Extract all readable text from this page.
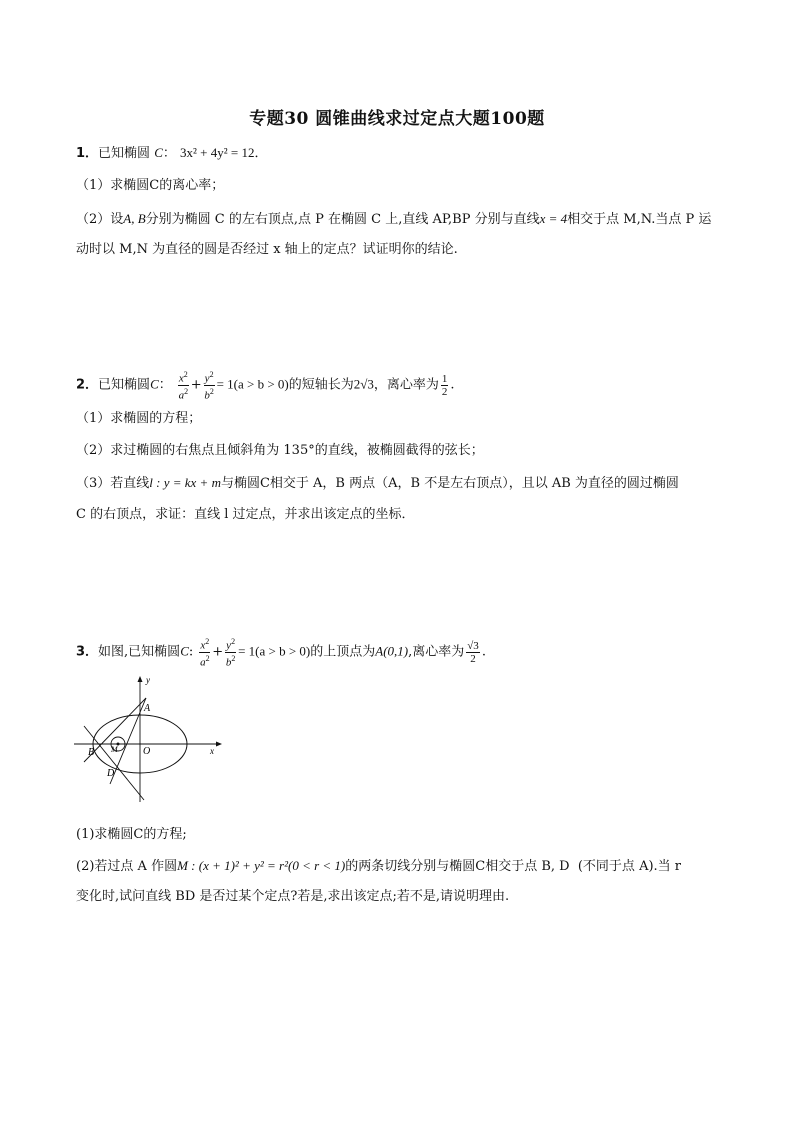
专题30 圆锥曲线求过定点大题100题
1．已知椭圆 C： 3x² + 4y² = 12．
（1）求椭圆C的离心率；
（2）设A, B分别为椭圆 C 的左右顶点,点 P 在椭圆 C 上,直线 AP,BP 分别与直线x = 4相交于点 M,N.当点 P 运
动时以 M,N 为直径的圆是否经过 x 轴上的定点？试证明你的结论.
2．已知椭圆C： $\frac{x^2}{a^2} + \frac{y^2}{b^2} = 1(a > b > 0)$的短轴长为2√3，离心率为 $\frac{1}{2}$ .
（1）求椭圆的方程；
（2）求过椭圆的右焦点且倾斜角为 135°的直线，被椭圆截得的弦长；
（3）若直线l : y = kx + m与椭圆C相交于 A，B 两点（A，B 不是左右顶点），且以 AB 为直径的圆过椭圆
C 的右顶点，求证：直线 l 过定点，并求出该定点的坐标．
3．如图,已知椭圆C: $\frac{x^2}{a^2} + \frac{y^2}{b^2} = 1(a > b > 0)$的上顶点为A(0,1),离心率为 $\frac{√3}{2}$ .
y
x
A
B M	O
D
(1)求椭圆C的方程;
(2)若过点 A 作圆M : (x + 1)² + y² = r²(0 < r < 1)的两条切线分别与椭圆C相交于点 B, D (不同于点 A).当 r
变化时,试问直线 BD 是否过某个定点?若是,求出该定点;若不是,请说明理由.
